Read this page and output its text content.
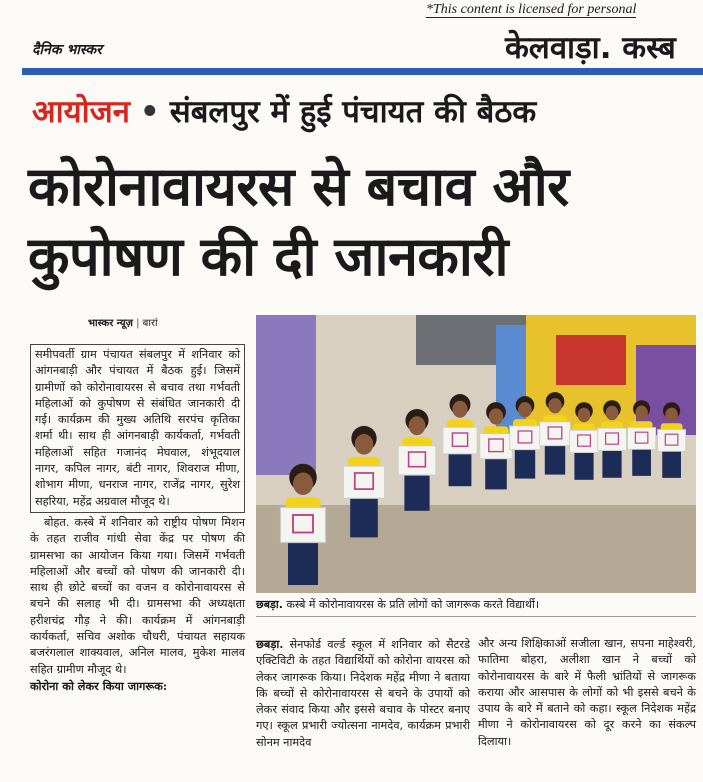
*This content is licensed for personal
दैनिक भास्कर	केलवाड़ा. कस्ब
आयोजन • संबलपुर में हुई पंचायत की बैठक
कोरोनावायरस से बचाव और
कुपोषण की दी जानकारी
भास्कर न्यूज़ | बारां

समीपवर्ती ग्राम पंचायत संबलपुर में शनिवार को आंगनबाड़ी और पंचायत में बैठक हुई। जिसमें ग्रामीणों को कोरोनावायरस से बचाव तथा गर्भवती महिलाओं को कुपोषण से संबंधित जानकारी दी गई। कार्यक्रम की मुख्य अतिथि सरपंच कृतिका शर्मा थी। साथ ही आंगनबाड़ी कार्यकर्ता, गर्भवती महिलाओं सहित गजानंद मेघवाल, शंभूदयाल नागर, कपिल नागर, बंटी नागर, शिवराज मीणा, शोभाग मीणा, धनराज नागर, राजेंद्र नागर, सुरेश सहरिया, महेंद्र अग्रवाल मौजूद थे।

बोहत. कस्बे में शनिवार को राष्ट्रीय पोषण मिशन के तहत राजीव गांधी सेवा केंद्र पर पोषण की ग्रामसभा का आयोजन किया गया। जिसमें गर्भवती महिलाओं और बच्चों को पोषण की जानकारी दी। साथ ही छोटे बच्चों का वजन व कोरोनावायरस से बचने की सलाह भी दी। ग्रामसभा की अध्यक्षता हरीशचंद्र गौड़ ने की। कार्यक्रम में आंगनबाड़ी कार्यकर्ता, सचिव अशोक चौधरी, पंचायत सहायक बजरंगलाल शाक्यवाल, अनिल मालव, मुकेश मालव सहित ग्रामीण मौजूद थे।

कोरोना को लेकर किया जागरूक:

छबड़ा. कस्बे में कोरोनावायरस के प्रति लोगों को जागरूक करते विद्यार्थी।

छबड़ा. सेनफोर्ड वर्ल्ड स्कूल में शनिवार को सैटरडे एक्टिविटी के तहत विद्यार्थियों को कोरोना वायरस को लेकर जागरूक किया। निदेशक महेंद्र मीणा ने बताया कि बच्चों से कोरोनावायरस से बचने के उपायों को लेकर संवाद किया और इससे बचाव के पोस्टर बनाए गए। स्कूल प्रभारी ज्योत्सना नामदेव, कार्यक्रम प्रभारी सोनम नामदेव

और अन्य शिक्षिकाओं सजीला खान, सपना माहेश्वरी, फातिमा बोहरा, अलीशा खान ने बच्चों को कोरोनावायरस के बारे में फैली भ्रांतियों से जागरूक कराया और आसपास के लोगों को भी इससे बचने के उपाय के बारे में बताने को कहा। स्कूल निदेशक महेंद्र मीणा ने कोरोनावायरस को दूर करने का संकल्प दिलाया।
